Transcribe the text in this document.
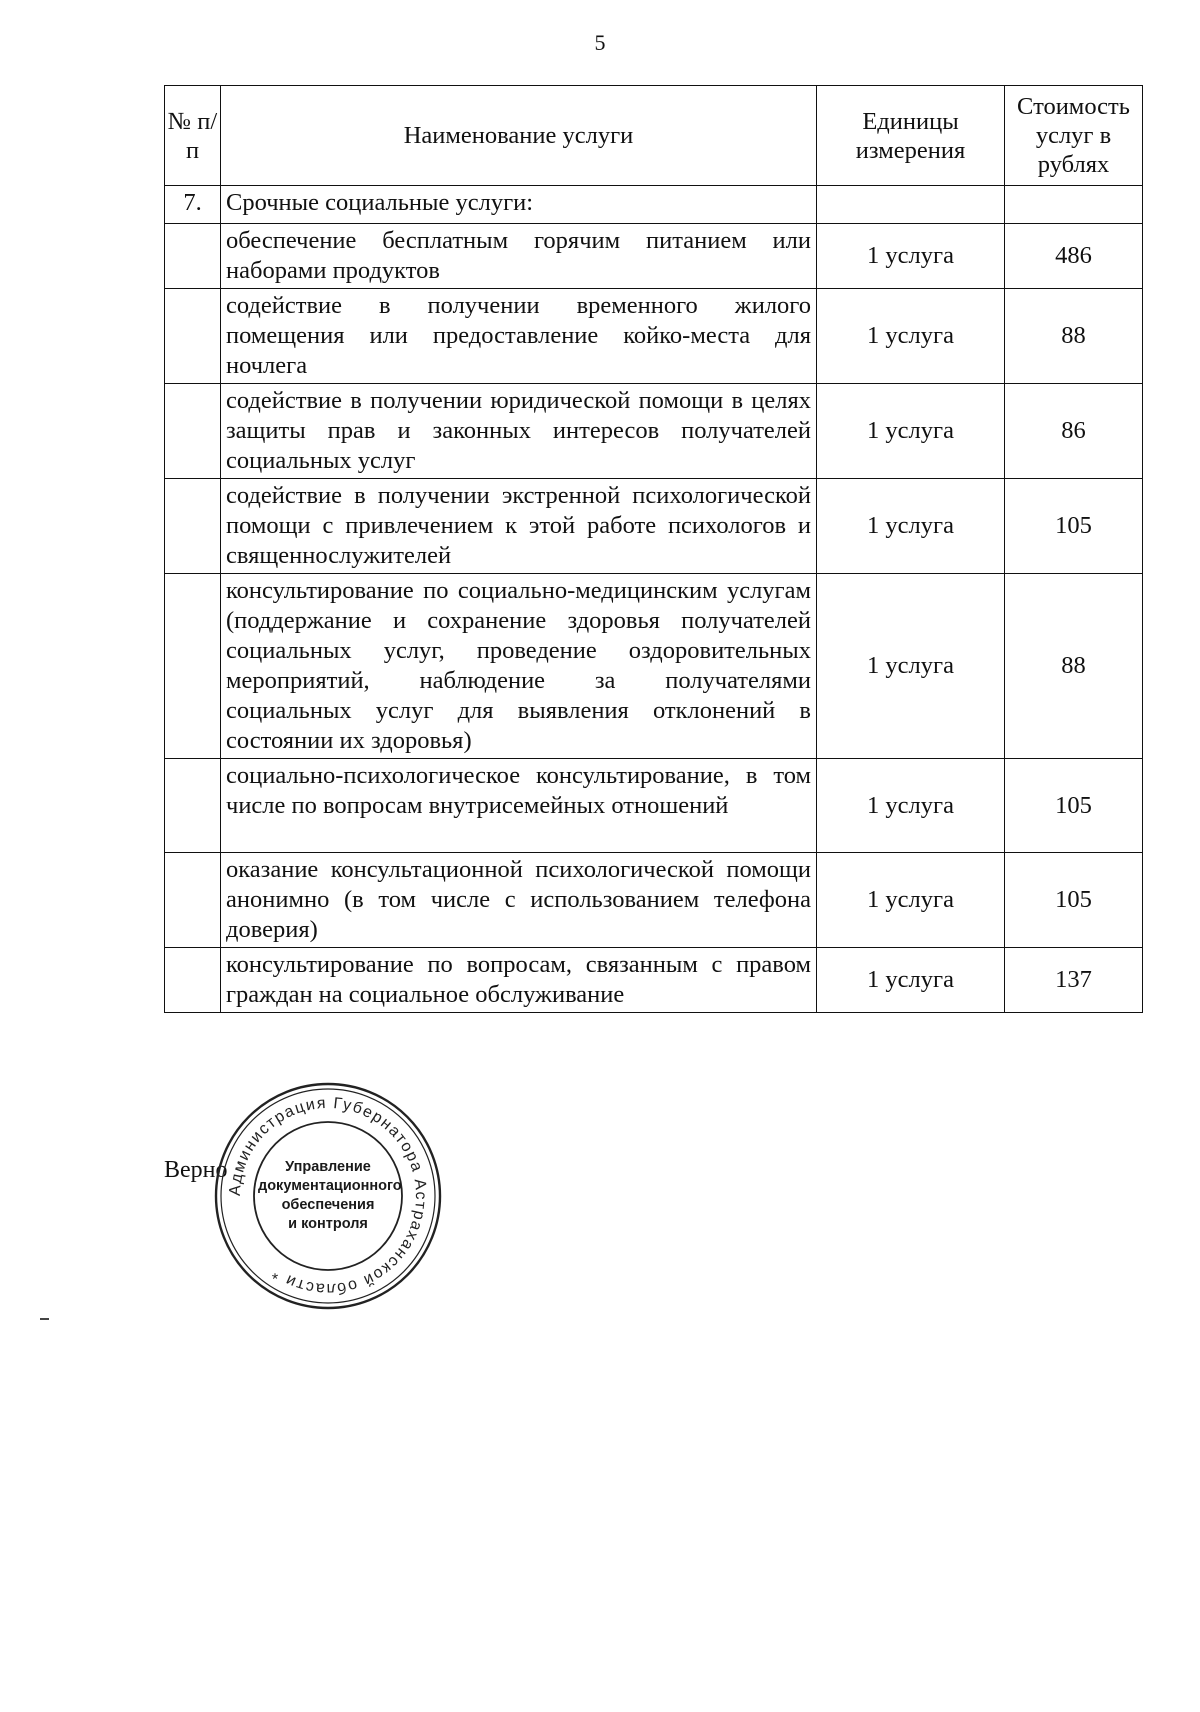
5
№ п/п	Наименование услуги	Единицы измерения	Стоимость услуг в рублях
7.	Срочные социальные услуги:		
	обеспечение бесплатным горячим питанием или наборами продуктов	1 услуга	486
	содействие в получении временного жилого помещения или предоставление койко-места для ночлега	1 услуга	88
	содействие в получении юридической помощи в целях защиты прав и законных интересов получателей социальных услуг	1 услуга	86
	содействие в получении экстренной психологической помощи с привлечением к этой работе психологов и священнослужителей	1 услуга	105
	консультирование по социально-медицинским услугам (поддержание и сохранение здоровья получателей социальных услуг, проведение оздоровительных мероприятий, наблюдение за получателями социальных услуг для выявления отклонений в состоянии их здоровья)	1 услуга	88
	социально-психологическое консультирование, в том числе по вопросам внутрисемейных отношений	1 услуга	105
	оказание консультационной психологической помощи анонимно (в том числе с использованием телефона доверия)	1 услуга	105
	консультирование по вопросам, связанным с правом граждан на социальное обслуживание	1 услуга	137
Верно
Администрация Губернатора Астраханской области *
Управление
документационного
обеспечения
и контроля
